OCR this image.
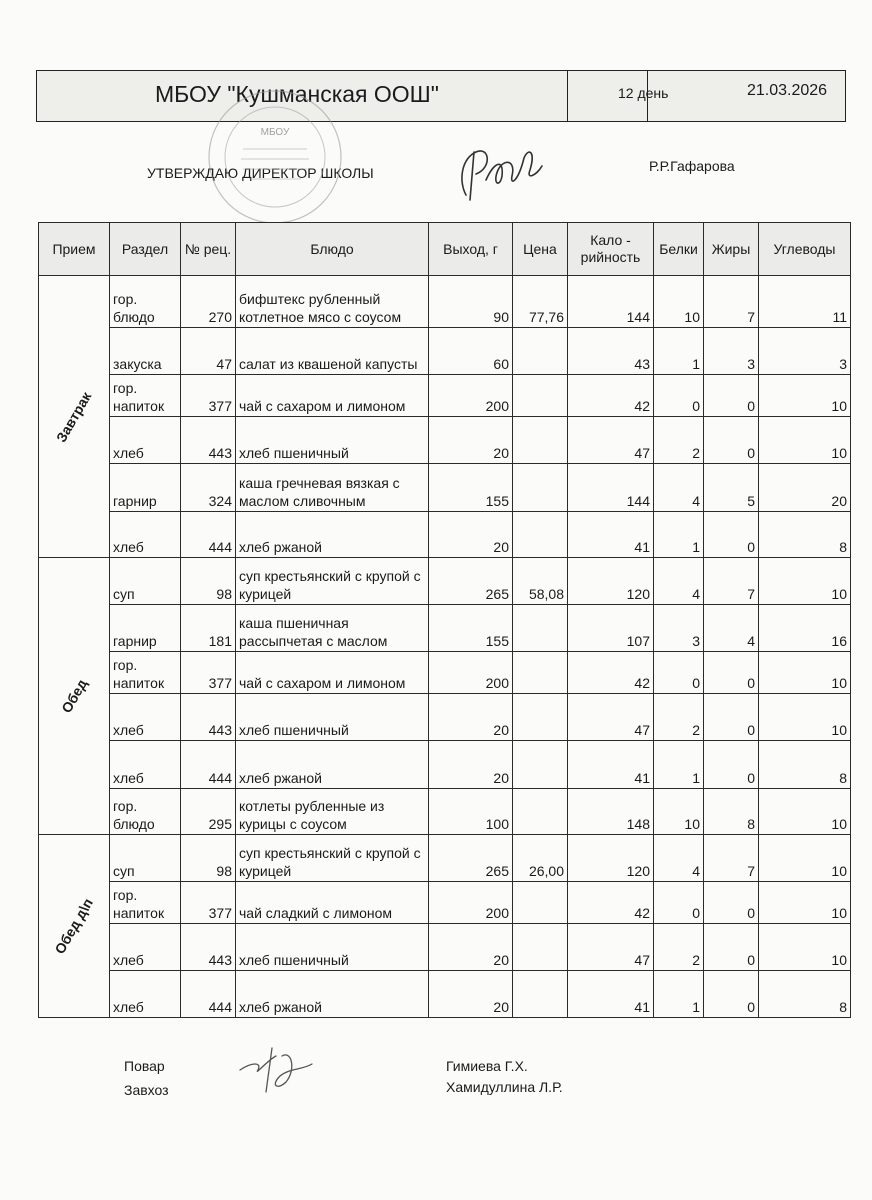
МБОУ "Кушманская ООШ"	12 день	21.03.2026
УТВЕРЖДАЮ ДИРЕКТОР ШКОЛЫ	Р.Р.Гафарова
МБОУ
Прием	Раздел	№ рец.	Блюдо	Выход, г	Цена	Кало - рийность	Белки	Жиры	Углеводы
Завтрак	гор. блюдо	270	бифштекс рубленный котлетное мясо с соусом	90	77,76	144	10	7	11
	закуска	47	салат из квашеной капусты	60		43	1	3	3
	гор. напиток	377	чай с сахаром и лимоном	200		42	0	0	10
	хлеб	443	хлеб пшеничный	20		47	2	0	10
	гарнир	324	каша гречневая вязкая с маслом сливочным	155		144	4	5	20
	хлеб	444	хлеб ржаной	20		41	1	0	8
Обед	суп	98	суп крестьянский с крупой с курицей	265	58,08	120	4	7	10
	гарнир	181	каша пшеничная рассыпчетая с маслом	155		107	3	4	16
	гор. напиток	377	чай с сахаром и лимоном	200		42	0	0	10
	хлеб	443	хлеб пшеничный	20		47	2	0	10
	хлеб	444	хлеб ржаной	20		41	1	0	8
	гор. блюдо	295	котлеты рубленные из курицы с соусом	100		148	10	8	10
Обед д\п	суп	98	суп крестьянский с крупой с курицей	265	26,00	120	4	7	10
	гор. напиток	377	чай сладкий с лимоном	200		42	0	0	10
	хлеб	443	хлеб пшеничный	20		47	2	0	10
	хлеб	444	хлеб ржаной	20		41	1	0	8
Повар
Завхоз
Гимиева Г.Х.
Хамидуллина Л.Р.
